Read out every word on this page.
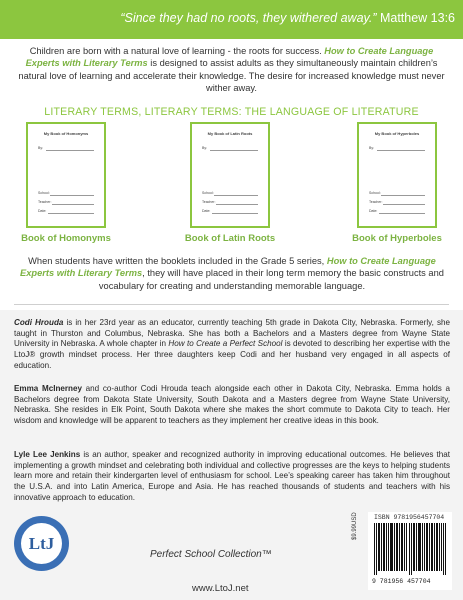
“Since they had no roots, they withered away.” Matthew 13:6
Children are born with a natural love of learning - the roots for success. How to Create Language Experts with Literary Terms is designed to assist adults as they simultaneously maintain children’s natural love of learning and accelerate their knowledge. The desire for increased knowledge must never wither away.
LITERARY TERMS, LITERARY TERMS: THE LANGUAGE OF LITERATURE
My Book of Homonyms
By:
School:
Teacher:
Date:
Book of Homonyms
My Book of Latin Roots
By:
School:
Teacher:
Date:
Book of Latin Roots
My Book of Hyperboles
By:
School:
Teacher:
Date:
Book of Hyperboles
When students have written the booklets included in the Grade 5 series, How to Create Language Experts with Literary Terms, they will have placed in their long term memory the basic constructs and vocabulary for creating and understanding memorable language.
Codi Hrouda is in her 23rd year as an educator, currently teaching 5th grade in Dakota City, Nebraska. Formerly, she taught in Thurston and Columbus, Nebraska. She has both a Bachelors and a Masters degree from Wayne State University in Nebraska. A whole chapter in How to Create a Perfect School is devoted to describing her expertise with the LtoJ® growth mindset process. Her three daughters keep Codi and her husband very engaged in all aspects of education.
Emma McInerney and co-author Codi Hrouda teach alongside each other in Dakota City, Nebraska. Emma holds a Bachelors degree from Dakota State University, South Dakota and a Masters degree from Wayne State University, Nebraska. She resides in Elk Point, South Dakota where she makes the short commute to Dakota City to teach. Her wisdom and knowledge will be apparent to teachers as they implement her creative ideas in this book.
Lyle Lee Jenkins is an author, speaker and recognized authority in improving educational outcomes. He believes that implementing a growth mindset and celebrating both individual and collective progresses are the keys to helping students learn more and retain their kindergarten level of enthusiasm for school. Lee’s speaking career has taken him throughout the U.S.A. and into Latin America, Europe and Asia. He has reached thousands of students and teachers with his innovative approach to education.
LtJ
Perfect School Collection™
www.LtoJ.net
$9.99USD ISBN 9781956457704
9 781956 457704
